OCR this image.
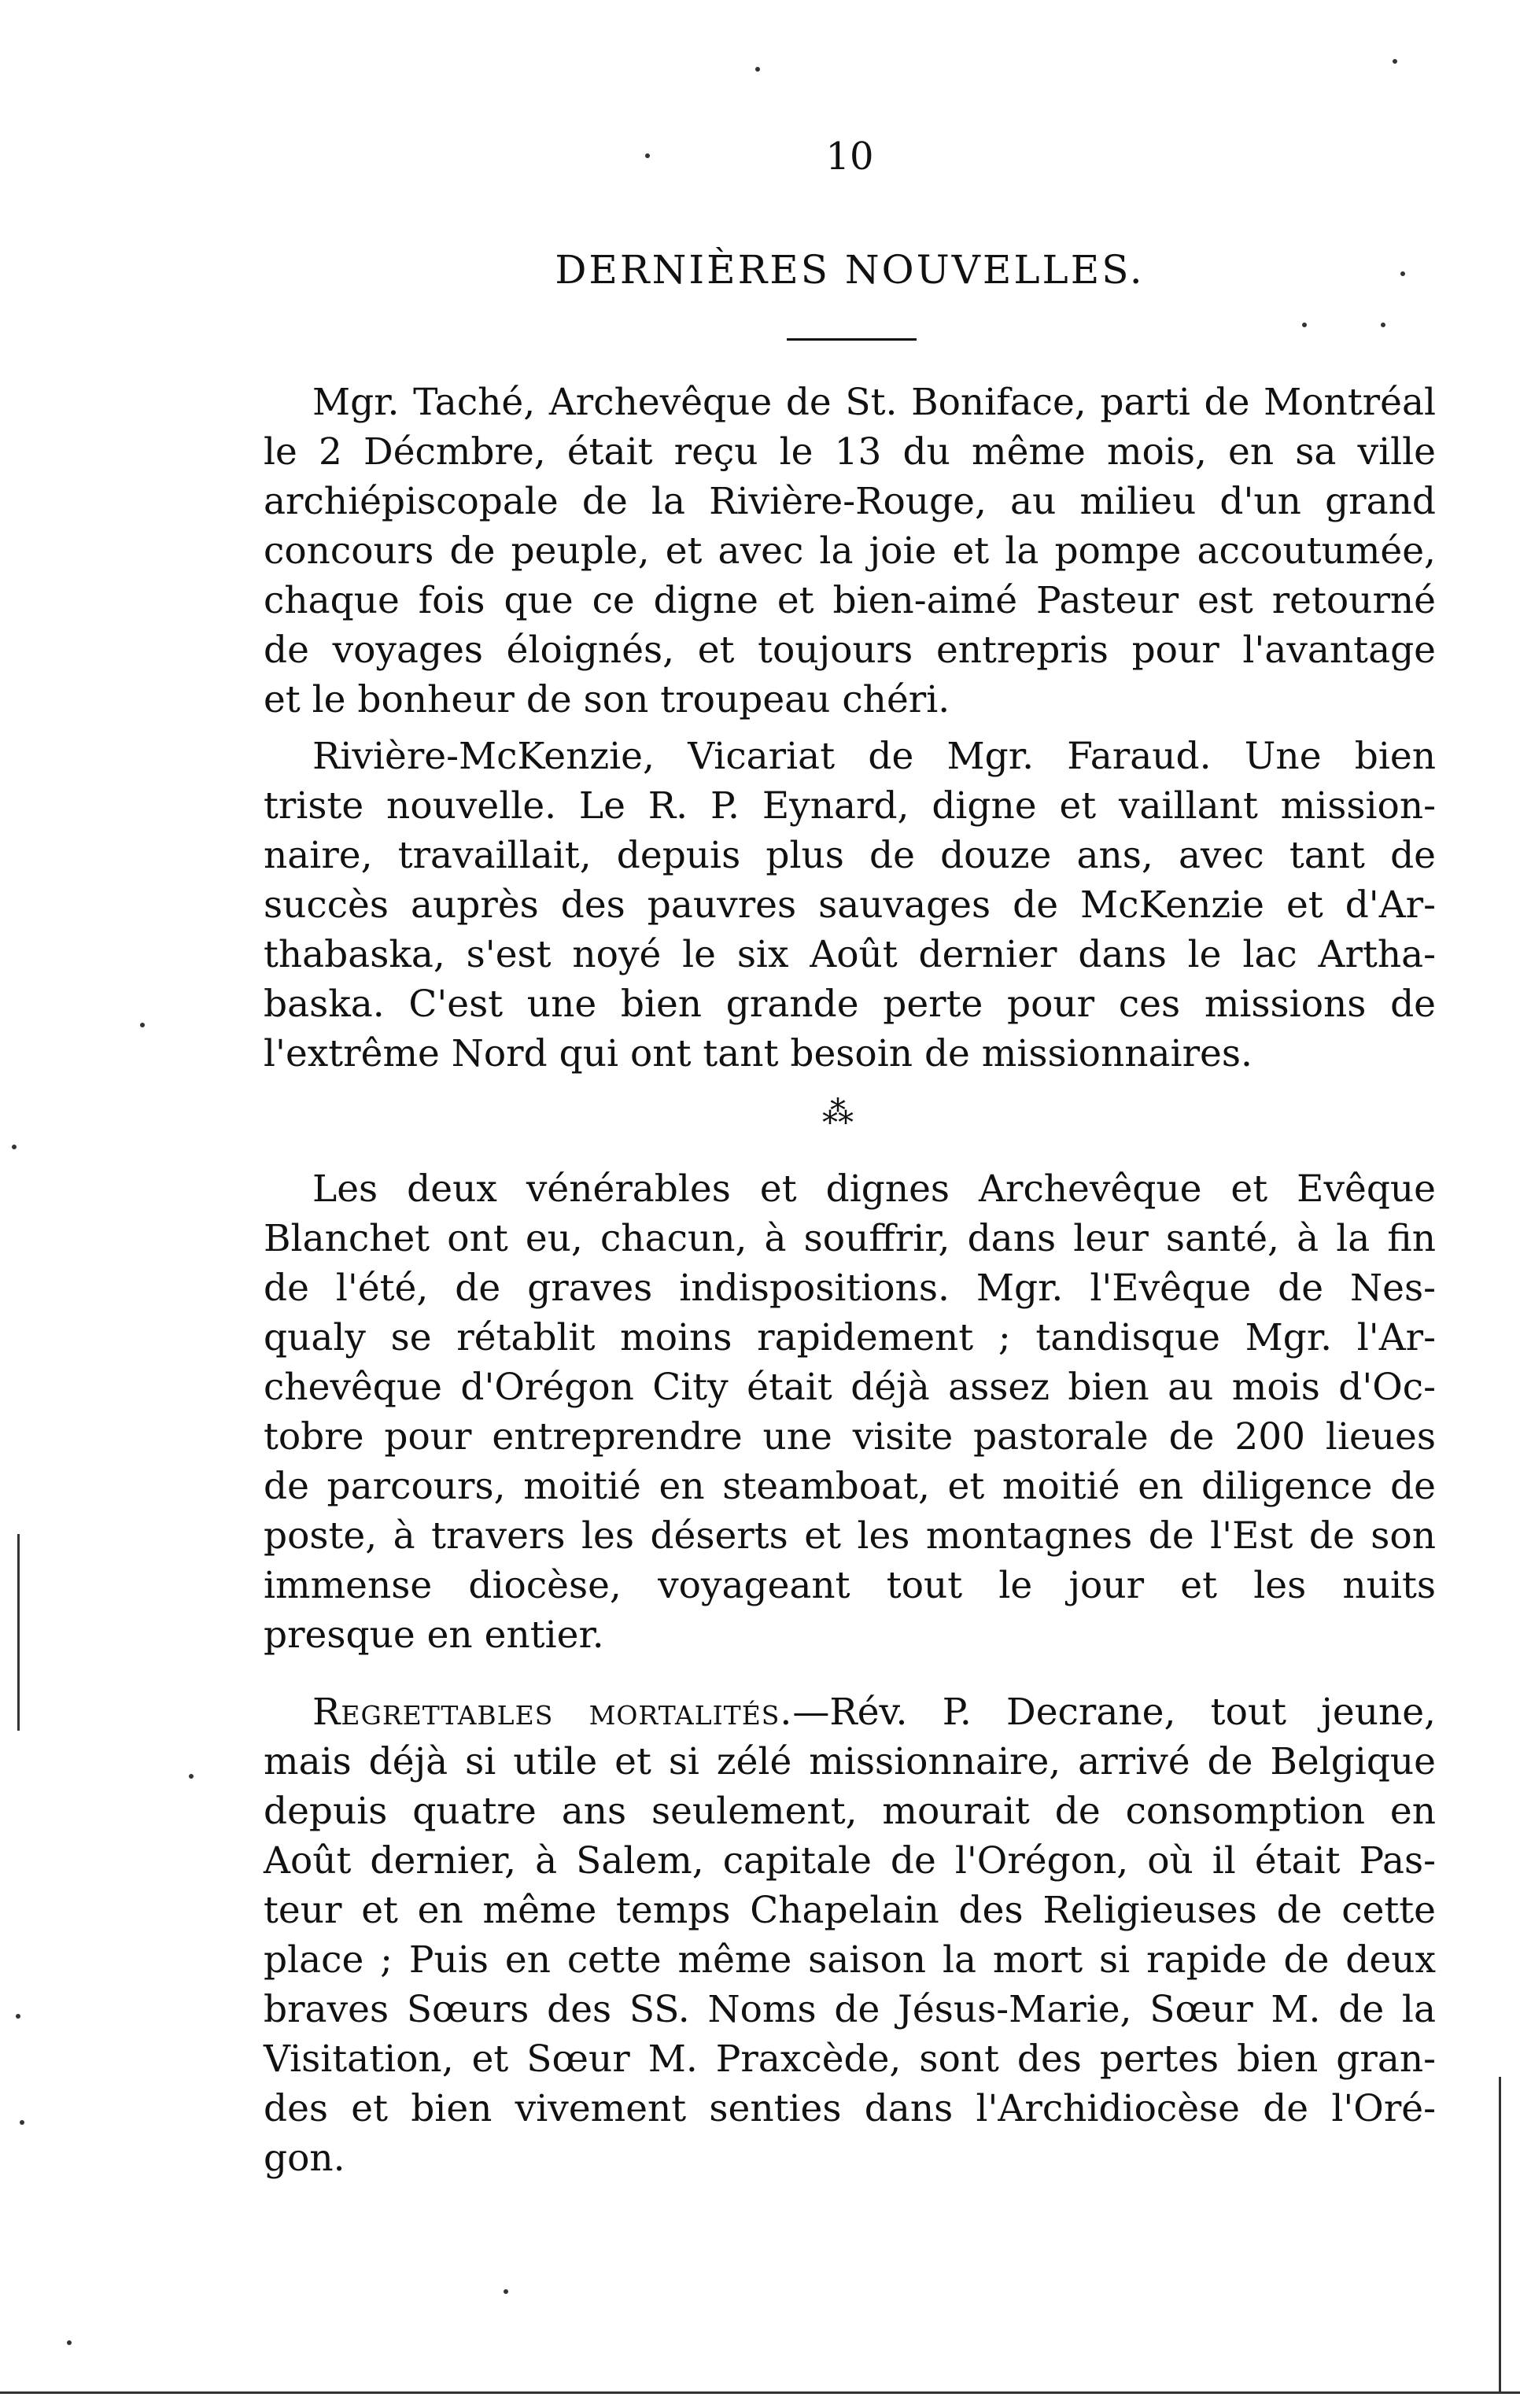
10
DERNIÈRES NOUVELLES.
Mgr. Taché, Archevêque de St. Boniface, parti de Montréal
le 2 Décmbre, était reçu le 13 du même mois, en sa ville
archiépiscopale de la Rivière-Rouge, au milieu d'un grand
concours de peuple, et avec la joie et la pompe accoutumée,
chaque fois que ce digne et bien-aimé Pasteur est retourné
de voyages éloignés, et toujours entrepris pour l'avantage
et le bonheur de son troupeau chéri.
Rivière-McKenzie, Vicariat de Mgr. Faraud. Une bien
triste nouvelle. Le R. P. Eynard, digne et vaillant mission-
naire, travaillait, depuis plus de douze ans, avec tant de
succès auprès des pauvres sauvages de McKenzie et d'Ar-
thabaska, s'est noyé le six Août dernier dans le lac Artha-
baska. C'est une bien grande perte pour ces missions de
l'extrême Nord qui ont tant besoin de missionnaires.
⁂
Les deux vénérables et dignes Archevêque et Evêque
Blanchet ont eu, chacun, à souffrir, dans leur santé, à la fin
de l'été, de graves indispositions. Mgr. l'Evêque de Nes-
qualy se rétablit moins rapidement ; tandisque Mgr. l'Ar-
chevêque d'Orégon City était déjà assez bien au mois d'Oc-
tobre pour entreprendre une visite pastorale de 200 lieues
de parcours, moitié en steamboat, et moitié en diligence de
poste, à travers les déserts et les montagnes de l'Est de son
immense diocèse, voyageant tout le jour et les nuits
presque en entier.
Regrettables mortalités.—Rév. P. Decrane, tout jeune,
mais déjà si utile et si zélé missionnaire, arrivé de Belgique
depuis quatre ans seulement, mourait de consomption en
Août dernier, à Salem, capitale de l'Orégon, où il était Pas-
teur et en même temps Chapelain des Religieuses de cette
place ; Puis en cette même saison la mort si rapide de deux
braves Sœurs des SS. Noms de Jésus-Marie, Sœur M. de la
Visitation, et Sœur M. Praxcède, sont des pertes bien gran-
des et bien vivement senties dans l'Archidiocèse de l'Oré-
gon.
